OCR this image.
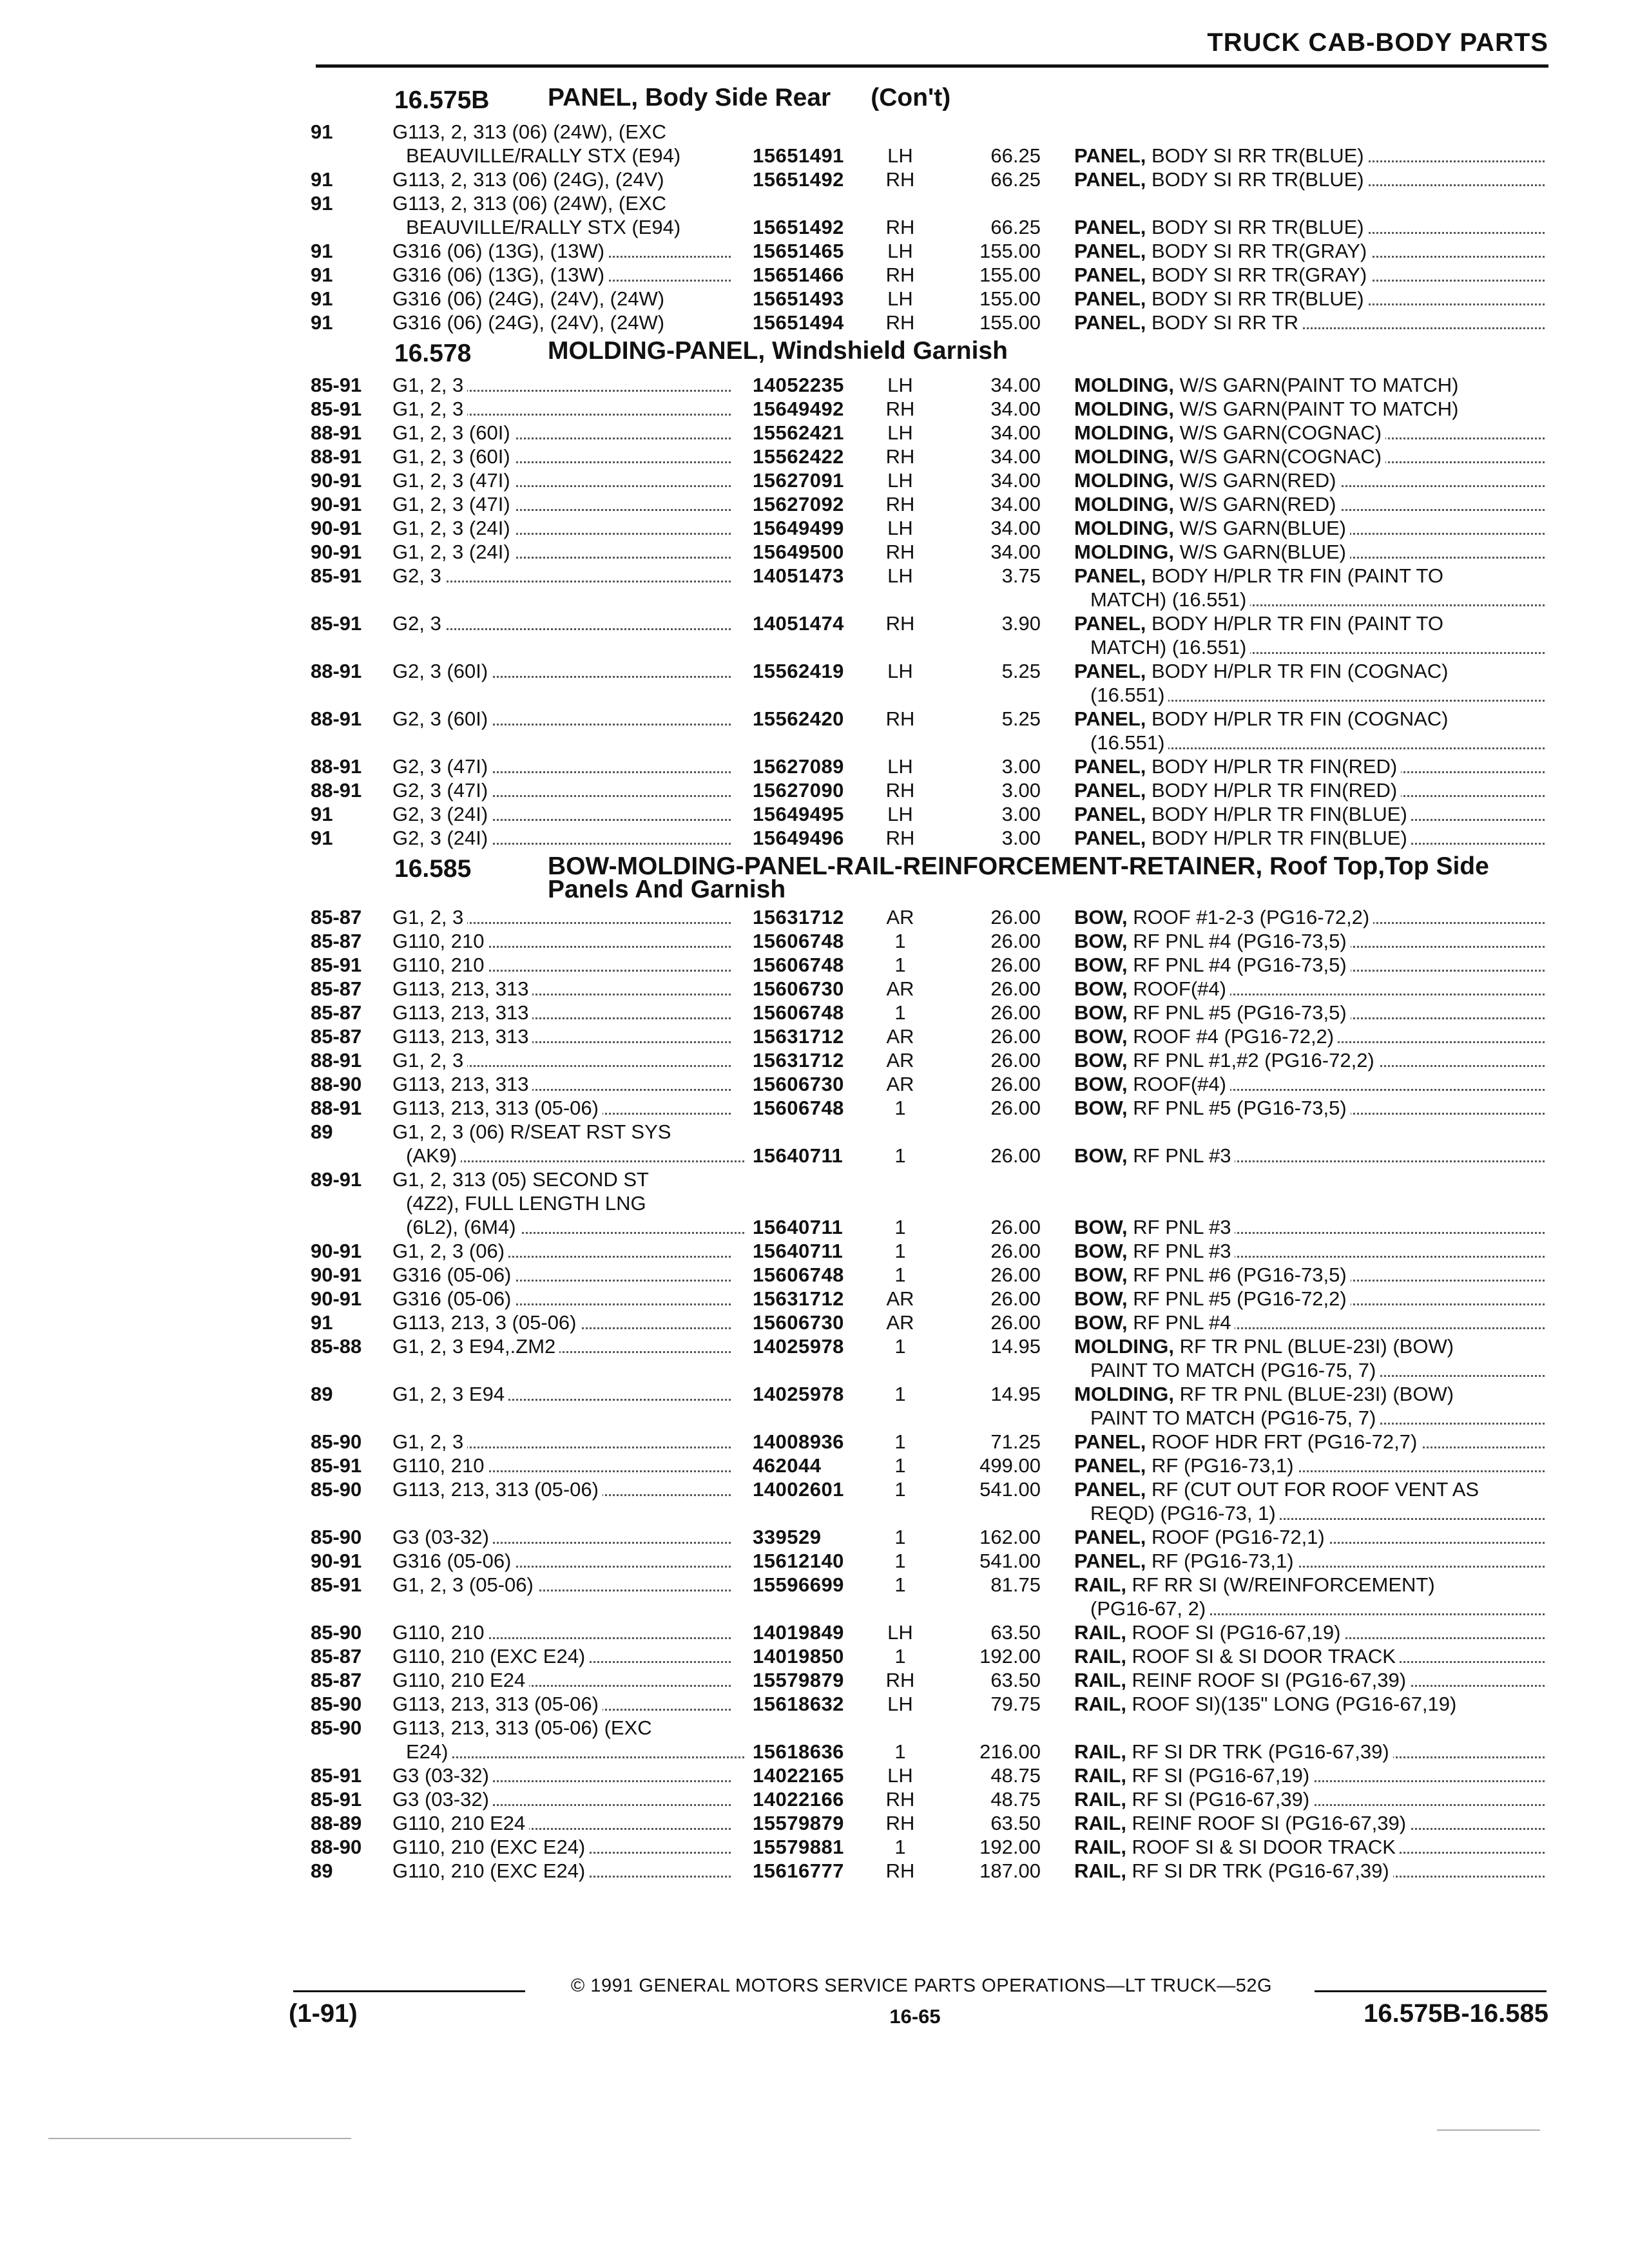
TRUCK CAB-BODY PARTS
16.575B PANEL, Body Side Rear (Con't)
91	G113, 2, 313 (06) (24W), (EXC
BEAUVILLE/RALLY STX (E94)	15651491 LH	66.25 PANEL, BODY SI RR TR(BLUE)
91	G113, 2, 313 (06) (24G), (24V)	15651492 RH	66.25 PANEL, BODY SI RR TR(BLUE)
91	G113, 2, 313 (06) (24W), (EXC
BEAUVILLE/RALLY STX (E94)	15651492 RH	66.25 PANEL, BODY SI RR TR(BLUE)
91	G316 (06) (13G), (13W)	15651465 LH	155.00 PANEL, BODY SI RR TR(GRAY)
91	G316 (06) (13G), (13W)	15651466 RH	155.00 PANEL, BODY SI RR TR(GRAY)
91	G316 (06) (24G), (24V), (24W)	15651493 LH	155.00 PANEL, BODY SI RR TR(BLUE)
91	G316 (06) (24G), (24V), (24W)	15651494 RH	155.00 PANEL, BODY SI RR TR
16.578	MOLDING-PANEL, Windshield Garnish
85-91 G1, 2, 3	14052235 LH	34.00 MOLDING, W/S GARN(PAINT TO MATCH)
85-91 G1, 2, 3	15649492 RH	34.00 MOLDING, W/S GARN(PAINT TO MATCH)
88-91 G1, 2, 3 (60I)	15562421 LH	34.00 MOLDING, W/S GARN(COGNAC)
88-91 G1, 2, 3 (60I)	15562422 RH	34.00 MOLDING, W/S GARN(COGNAC)
90-91 G1, 2, 3 (47I)	15627091 LH	34.00 MOLDING, W/S GARN(RED)
90-91 G1, 2, 3 (47I)	15627092 RH	34.00 MOLDING, W/S GARN(RED)
90-91 G1, 2, 3 (24I)	15649499 LH	34.00 MOLDING, W/S GARN(BLUE)
90-91 G1, 2, 3 (24I)	15649500 RH	34.00 MOLDING, W/S GARN(BLUE)
85-91 G2, 3	14051473 LH	3.75 PANEL, BODY H/PLR TR FIN (PAINT TO
MATCH) (16.551)
85-91 G2, 3	14051474 RH	3.90 PANEL, BODY H/PLR TR FIN (PAINT TO
MATCH) (16.551)
88-91 G2, 3 (60I)	15562419 LH	5.25 PANEL, BODY H/PLR TR FIN (COGNAC)
(16.551)
88-91 G2, 3 (60I)	15562420 RH	5.25 PANEL, BODY H/PLR TR FIN (COGNAC)
(16.551)
88-91 G2, 3 (47I)	15627089 LH	3.00 PANEL, BODY H/PLR TR FIN(RED)
88-91 G2, 3 (47I)	15627090 RH	3.00 PANEL, BODY H/PLR TR FIN(RED)
91	G2, 3 (24I)	15649495 LH	3.00 PANEL, BODY H/PLR TR FIN(BLUE)
91	G2, 3 (24I)	15649496 RH	3.00 PANEL, BODY H/PLR TR FIN(BLUE)
16.585	BOW-MOLDING-PANEL-RAIL-REINFORCEMENT-RETAINER, Roof Top,Top Side Panels And Garnish
85-87 G1, 2, 3	15631712 AR	26.00 BOW, ROOF #1-2-3 (PG16-72,2)
85-87 G110, 210	15606748	1	26.00 BOW, RF PNL #4 (PG16-73,5)
85-91 G110, 210	15606748	1	26.00 BOW, RF PNL #4 (PG16-73,5)
85-87 G113, 213, 313	15606730 AR	26.00 BOW, ROOF(#4)
85-87 G113, 213, 313	15606748	1	26.00 BOW, RF PNL #5 (PG16-73,5)
85-87 G113, 213, 313	15631712 AR	26.00 BOW, ROOF #4 (PG16-72,2)
88-91 G1, 2, 3	15631712 AR	26.00 BOW, RF PNL #1,#2 (PG16-72,2)
88-90 G113, 213, 313	15606730 AR	26.00 BOW, ROOF(#4)
88-91 G113, 213, 313 (05-06)	15606748	1	26.00 BOW, RF PNL #5 (PG16-73,5)
89	G1, 2, 3 (06) R/SEAT RST SYS
(AK9)	15640711	1	26.00 BOW, RF PNL #3
89-91 G1, 2, 313 (05) SECOND ST
(4Z2), FULL LENGTH LNG
(6L2), (6M4)	15640711	1	26.00 BOW, RF PNL #3
90-91 G1, 2, 3 (06)	15640711	1	26.00 BOW, RF PNL #3
90-91 G316 (05-06)	15606748	1	26.00 BOW, RF PNL #6 (PG16-73,5)
90-91 G316 (05-06)	15631712 AR	26.00 BOW, RF PNL #5 (PG16-72,2)
91	G113, 213, 3 (05-06)	15606730 AR	26.00 BOW, RF PNL #4
85-88 G1, 2, 3 E94,.ZM2	14025978	1	14.95 MOLDING, RF TR PNL (BLUE-23I) (BOW)
PAINT TO MATCH (PG16-75, 7)
89	G1, 2, 3 E94	14025978	1	14.95 MOLDING, RF TR PNL (BLUE-23I) (BOW)
PAINT TO MATCH (PG16-75, 7)
85-90 G1, 2, 3	14008936	1	71.25 PANEL, ROOF HDR FRT (PG16-72,7)
85-91 G110, 210	462044	1	499.00 PANEL, RF (PG16-73,1)
85-90 G113, 213, 313 (05-06)	14002601	1	541.00 PANEL, RF (CUT OUT FOR ROOF VENT AS
REQD) (PG16-73, 1)
85-90 G3 (03-32)	339529	1	162.00 PANEL, ROOF (PG16-72,1)
90-91 G316 (05-06)	15612140	1	541.00 PANEL, RF (PG16-73,1)
85-91 G1, 2, 3 (05-06)	15596699	1	81.75 RAIL, RF RR SI (W/REINFORCEMENT)
(PG16-67, 2)
85-90 G110, 210	14019849 LH	63.50 RAIL, ROOF SI (PG16-67,19)
85-87 G110, 210 (EXC E24)	14019850	1	192.00 RAIL, ROOF SI & SI DOOR TRACK
85-87 G110, 210 E24	15579879 RH	63.50 RAIL, REINF ROOF SI (PG16-67,39)
85-90 G113, 213, 313 (05-06)	15618632 LH	79.75 RAIL, ROOF SI)(135" LONG (PG16-67,19)
85-90 G113, 213, 313 (05-06) (EXC
E24)	15618636	1	216.00 RAIL, RF SI DR TRK (PG16-67,39)
85-91 G3 (03-32)	14022165 LH	48.75 RAIL, RF SI (PG16-67,19)
85-91 G3 (03-32)	14022166 RH	48.75 RAIL, RF SI (PG16-67,39)
88-89 G110, 210 E24	15579879 RH	63.50 RAIL, REINF ROOF SI (PG16-67,39)
88-90 G110, 210 (EXC E24)	15579881	1	192.00 RAIL, ROOF SI & SI DOOR TRACK
89	G110, 210 (EXC E24)	15616777 RH	187.00 RAIL, RF SI DR TRK (PG16-67,39)
© 1991 GENERAL MOTORS SERVICE PARTS OPERATIONS—LT TRUCK—52G
(1-91)	16-65	16.575B-16.585
